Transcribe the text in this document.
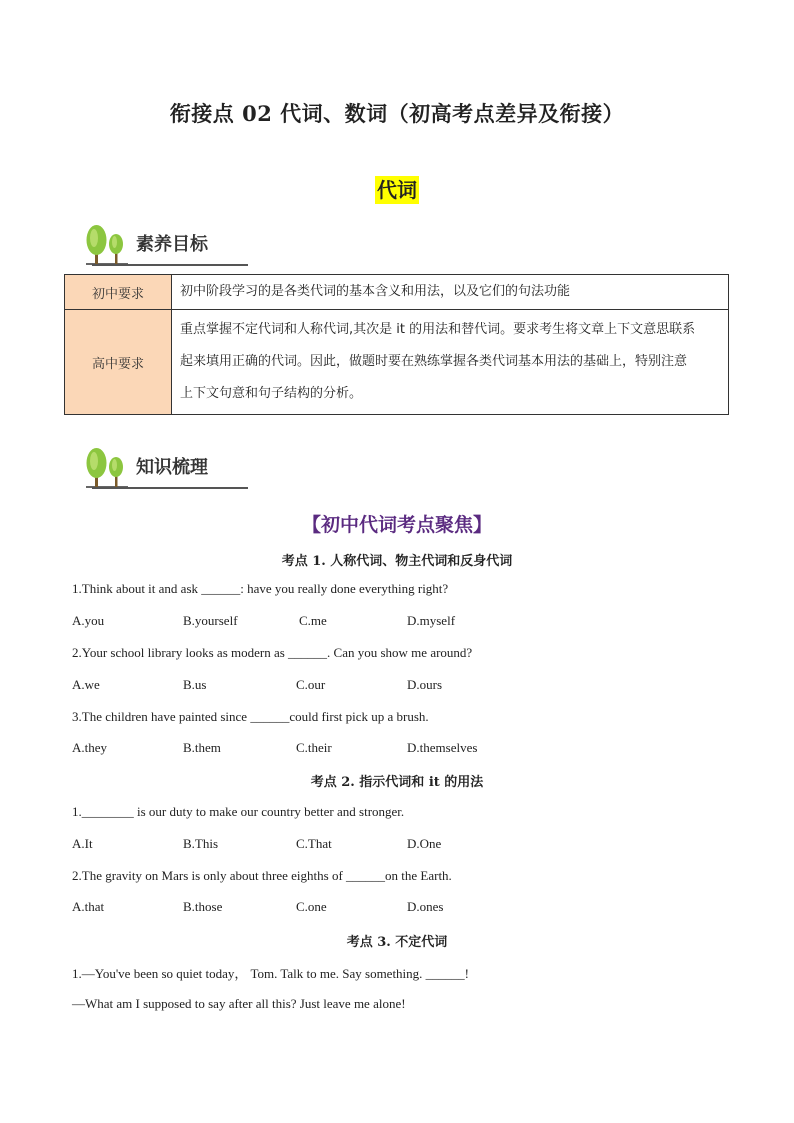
衔接点 02 代词、数词（初高考点差异及衔接）
代词
素养目标
初中要求	初中阶段学习的是各类代词的基本含义和用法，以及它们的句法功能
高中要求	重点掌握不定代词和人称代词,其次是 it 的用法和替代词。要求考生将文章上下文意思联系
起来填用正确的代词。因此，做题时要在熟练掌握各类代词基本用法的基础上，特别注意
上下文句意和句子结构的分析。
知识梳理
【初中代词考点聚焦】
考点 1. 人称代词、物主代词和反身代词
1.Think about it and ask ______: have you really done everything right?
A.you	B.yourself	C.me	D.myself
2.Your school library looks as modern as ______. Can you show me around?
A.we	B.us	C.our	D.ours
3.The children have painted since ______could first pick up a brush.
A.they	B.them	C.their	D.themselves
考点 2. 指示代词和 it 的用法
1.________ is our duty to make our country better and stronger.
A.It	B.This	C.That	D.One
2.The gravity on Mars is only about three eighths of ______on the Earth.
A.that	B.those	C.one	D.ones
考点 3. 不定代词
1.—You've been so quiet today， Tom. Talk to me. Say something. ______!
—What am I supposed to say after all this? Just leave me alone!
